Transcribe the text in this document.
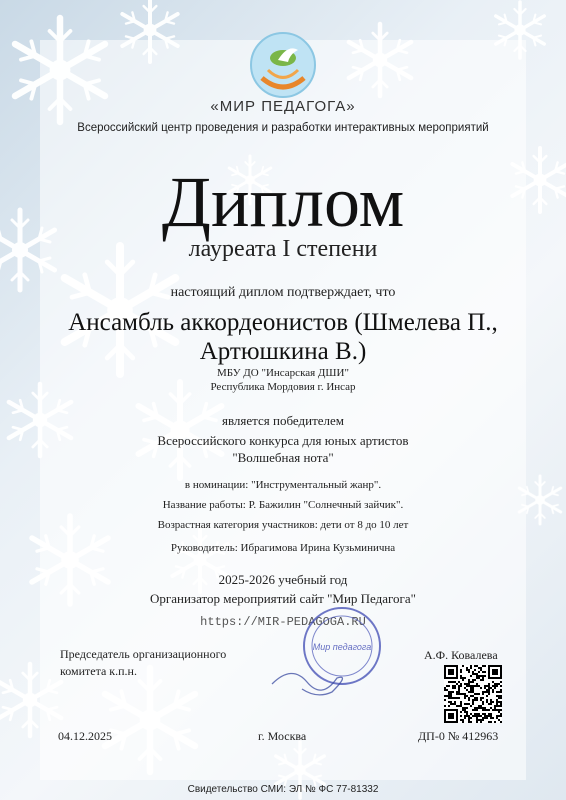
«МИР ПЕДАГОГА»
Всероссийский центр проведения и разработки интерактивных мероприятий
Диплом
лауреата I степени
настоящий диплом подтверждает, что
Ансамбль аккордеонистов (Шмелева П.,
Артюшкина В.)
МБУ ДО "Инсарская ДШИ"
Республика Мордовия г. Инсар
является победителем
Всероссийского конкурса для юных артистов
"Волшебная нота"
в номинации: "Инструментальный жанр".
Название работы: Р. Бажилин "Солнечный зайчик".
Возрастная категория участников: дети от 8 до 10 лет
Руководитель: Ибрагимова Ирина Кузьминична
2025-2026 учебный год
Организатор мероприятий сайт "Мир Педагога"
https://MIR-PEDAGOGA.RU
Мир педагога
Председатель организационного
комитета к.п.н.
А.Ф. Ковалева
04.12.2025	г. Москва	ДП-0 № 412963
Свидетельство СМИ: ЭЛ № ФС 77-81332
